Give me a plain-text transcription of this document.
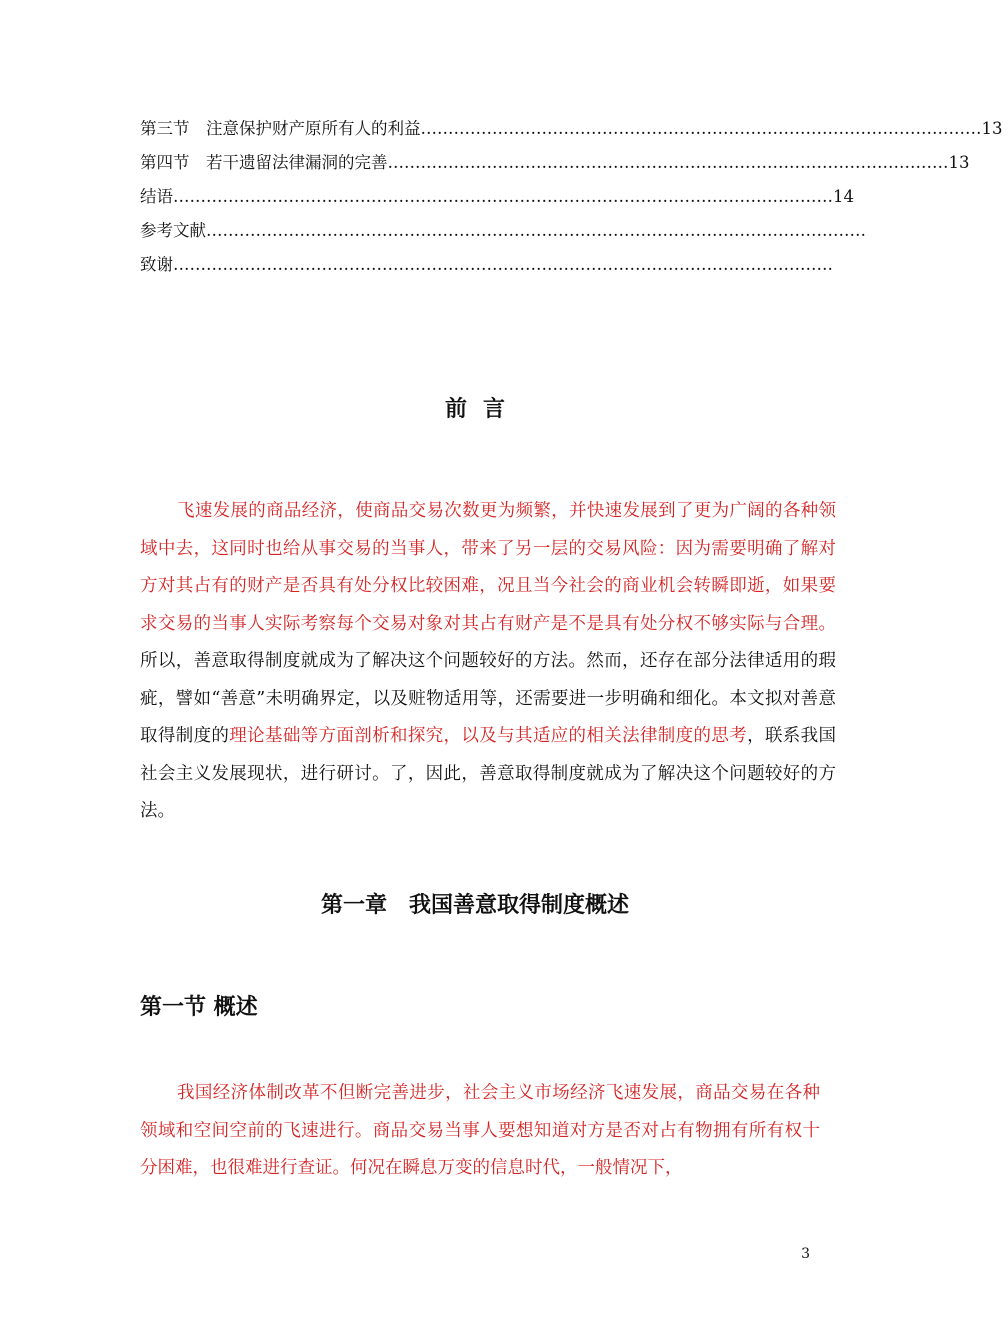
第三节　注意保护财产原所有人的利益 ………………………………………………………………………………………… 13
第四节　若干遗留法律漏洞的完善 ………………………………………………………………………………………… 13
结语 ………………………………………………………………………………………………………… 14
参考文献 …………………………………………………………………………………………………………
致谢 …………………………………………………………………………………………………………
前言

飞速发展的商品经济，使商品交易次数更为频繁，并快速发展到了更为广阔的各种领域中去，这同时也给从事交易的当事人，带来了另一层的交易风险：因为需要明确了解对方对其占有的财产是否具有处分权比较困难，况且当今社会的商业机会转瞬即逝，如果要求交易的当事人实际考察每个交易对象对其占有财产是不是具有处分权不够实际与合理。所以，善意取得制度就成为了解决这个问题较好的方法。然而，还存在部分法律适用的瑕疵，譬如“善意”未明确界定，以及赃物适用等，还需要进一步明确和细化。本文拟对善意取得制度的理论基础等方面剖析和探究，以及与其适应的相关法律制度的思考，联系我国社会主义发展现状，进行研讨。了，因此，善意取得制度就成为了解决这个问题较好的方法。

第一章　我国善意取得制度概述
第一节 概述

我国经济体制改革不但断完善进步，社会主义市场经济飞速发展，商品交易在各种领域和空间空前的飞速进行。商品交易当事人要想知道对方是否对占有物拥有所有权十分困难，也很难进行查证。何况在瞬息万变的信息时代，一般情况下，

3
